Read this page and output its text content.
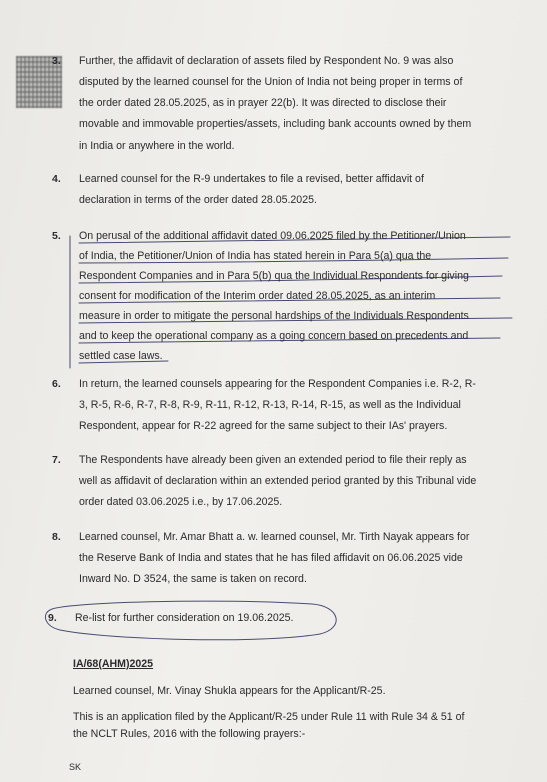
3. Further, the affidavit of declaration of assets filed by Respondent No. 9 was also
disputed by the learned counsel for the Union of India not being proper in terms of
the order dated 28.05.2025, as in prayer 22(b). It was directed to disclose their
movable and immovable properties/assets, including bank accounts owned by them
in India or anywhere in the world.
4. Learned counsel for the R-9 undertakes to file a revised, better affidavit of
declaration in terms of the order dated 28.05.2025.
5. On perusal of the additional affidavit dated 09.06.2025 filed by the Petitioner/Union
of India, the Petitioner/Union of India has stated herein in Para 5(a) qua the
Respondent Companies and in Para 5(b) qua the Individual Respondents for giving
consent for modification of the Interim order dated 28.05.2025, as an interim
measure in order to mitigate the personal hardships of the Individuals Respondents
and to keep the operational company as a going concern based on precedents and
settled case laws.
6. In return, the learned counsels appearing for the Respondent Companies i.e. R-2, R-
3, R-5, R-6, R-7, R-8, R-9, R-11, R-12, R-13, R-14, R-15, as well as the Individual
Respondent, appear for R-22 agreed for the same subject to their IAs' prayers.
7. The Respondents have already been given an extended period to file their reply as
well as affidavit of declaration within an extended period granted by this Tribunal vide
order dated 03.06.2025 i.e., by 17.06.2025.
8. Learned counsel, Mr. Amar Bhatt a. w. learned counsel, Mr. Tirth Nayak appears for
the Reserve Bank of India and states that he has filed affidavit on 06.06.2025 vide
Inward No. D 3524, the same is taken on record.
9. Re-list for further consideration on 19.06.2025.
IA/68(AHM)2025
Learned counsel, Mr. Vinay Shukla appears for the Applicant/R-25.
This is an application filed by the Applicant/R-25 under Rule 11 with Rule 34 & 51 of
the NCLT Rules, 2016 with the following prayers:-
SK
